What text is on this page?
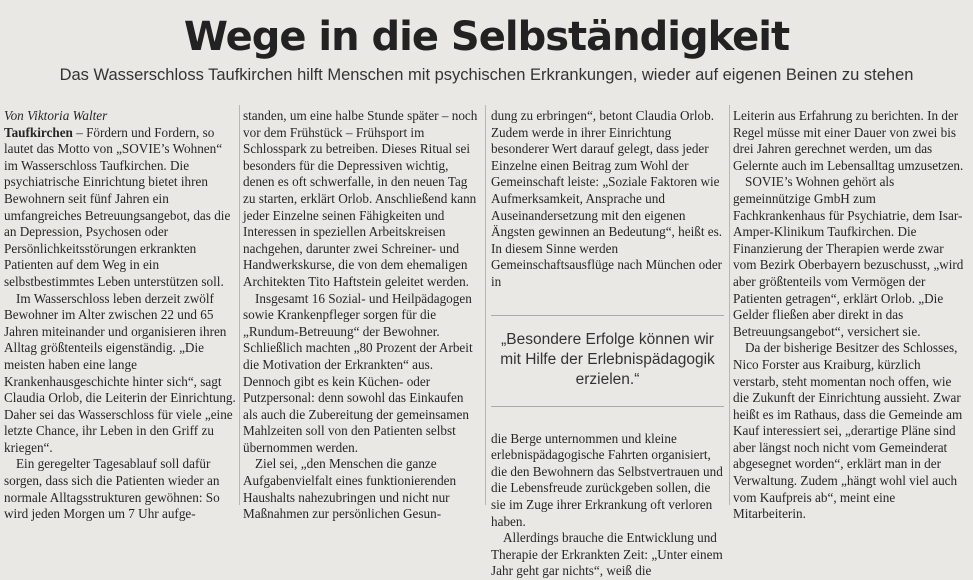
Wege in die Selbständigkeit
Das Wasserschloss Taufkirchen hilft Menschen mit psychischen Erkrankungen, wieder auf eigenen Beinen zu stehen

Von Viktoria Walter

Taufkirchen – Fördern und Fordern, so lautet das Motto von „SOVIE’s Wohnen“ im Wasserschloss Taufkirchen. Die psychiatrische Einrichtung bietet ihren Bewohnern seit fünf Jahren ein umfangreiches Betreuungsangebot, das die an Depression, Psychosen oder Persönlichkeitsstörungen erkrankten Patienten auf dem Weg in ein selbstbestimmtes Leben unterstützen soll.

Im Wasserschloss leben derzeit zwölf Bewohner im Alter zwischen 22 und 65 Jahren miteinander und organisieren ihren Alltag größtenteils eigenständig. „Die meisten haben eine lange Krankenhausgeschichte hinter sich“, sagt Claudia Orlob, die Leiterin der Einrichtung. Daher sei das Wasserschloss für viele „eine letzte Chance, ihr Leben in den Griff zu kriegen“.

Ein geregelter Tagesablauf soll dafür sorgen, dass sich die Patienten wieder an normale Alltagsstrukturen gewöhnen: So wird jeden Morgen um 7 Uhr aufge-

standen, um eine halbe Stunde später – noch vor dem Frühstück – Frühsport im Schlosspark zu betreiben. Dieses Ritual sei besonders für die Depressiven wichtig, denen es oft schwerfalle, in den neuen Tag zu starten, erklärt Orlob. Anschließend kann jeder Einzelne seinen Fähigkeiten und Interessen in speziellen Arbeitskreisen nachgehen, darunter zwei Schreiner- und Handwerkskurse, die von dem ehemaligen Architekten Tito Haftstein geleitet werden.

Insgesamt 16 Sozial- und Heilpädagogen sowie Krankenpfleger sorgen für die „Rundum-Betreuung“ der Bewohner. Schließlich machten „80 Prozent der Arbeit die Motivation der Erkrankten“ aus. Dennoch gibt es kein Küchen- oder Putzpersonal: denn sowohl das Einkaufen als auch die Zubereitung der gemeinsamen Mahlzeiten soll von den Patienten selbst übernommen werden.

Ziel sei, „den Menschen die ganze Aufgabenvielfalt eines funktionierenden Haushalts nahezubringen und nicht nur Maßnahmen zur persönlichen Gesun-

dung zu erbringen“, betont Claudia Orlob. Zudem werde in ihrer Einrichtung besonderer Wert darauf gelegt, dass jeder Einzelne einen Beitrag zum Wohl der Gemeinschaft leiste: „Soziale Faktoren wie Aufmerksamkeit, Ansprache und Auseinandersetzung mit den eigenen Ängsten gewinnen an Bedeutung“, heißt es. In diesem Sinne werden Gemeinschaftsausflüge nach München oder in

„Besondere Erfolge können wir mit Hilfe der Erlebnispädagogik erzielen.“

die Berge unternommen und kleine erlebnispädagogische Fahrten organisiert, die den Bewohnern das Selbstvertrauen und die Lebensfreude zurückgeben sollen, die sie im Zuge ihrer Erkrankung oft verloren haben.

Allerdings brauche die Entwicklung und Therapie der Erkrankten Zeit: „Unter einem Jahr geht gar nichts“, weiß die

Leiterin aus Erfahrung zu berichten. In der Regel müsse mit einer Dauer von zwei bis drei Jahren gerechnet werden, um das Gelernte auch im Lebensalltag umzusetzen.

SOVIE’s Wohnen gehört als gemeinnützige GmbH zum Fachkrankenhaus für Psychiatrie, dem Isar-Amper-Klinikum Taufkirchen. Die Finanzierung der Therapien werde zwar vom Bezirk Oberbayern bezuschusst, „wird aber größtenteils vom Vermögen der Patienten getragen“, erklärt Orlob. „Die Gelder fließen aber direkt in das Betreuungsangebot“, versichert sie.

Da der bisherige Besitzer des Schlosses, Nico Forster aus Kraiburg, kürzlich verstarb, steht momentan noch offen, wie die Zukunft der Einrichtung aussieht. Zwar heißt es im Rathaus, dass die Gemeinde am Kauf interessiert sei, „derartige Pläne sind aber längst noch nicht vom Gemeinderat abgesegnet worden“, erklärt man in der Verwaltung. Zudem „hängt wohl viel auch vom Kaufpreis ab“, meint eine Mitarbeiterin.
